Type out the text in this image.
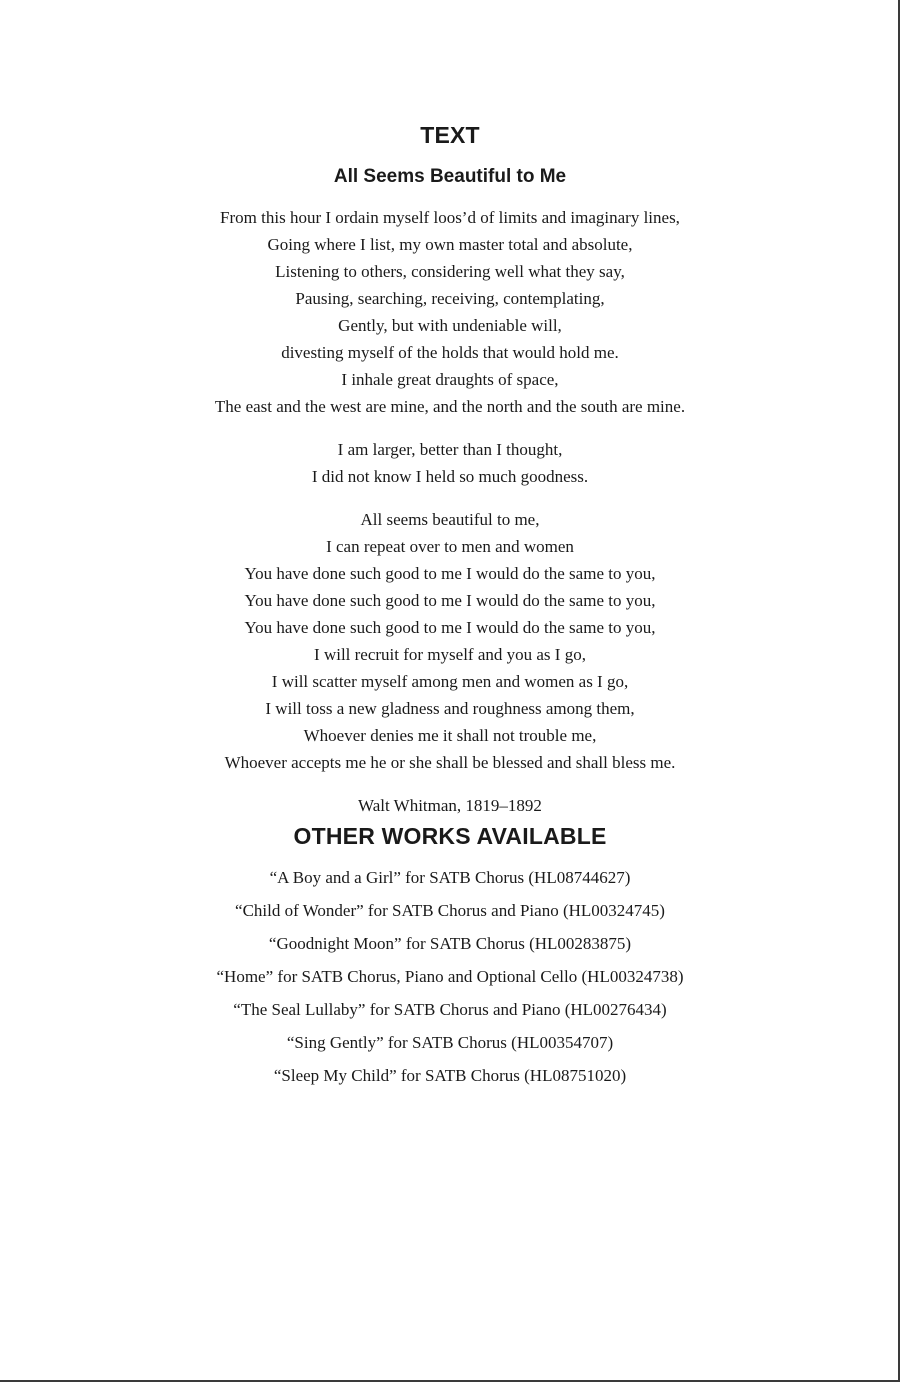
TEXT
All Seems Beautiful to Me

From this hour I ordain myself loos’d of limits and imaginary lines,
Going where I list, my own master total and absolute,
Listening to others, considering well what they say,
Pausing, searching, receiving, contemplating,
Gently, but with undeniable will,
divesting myself of the holds that would hold me.
I inhale great draughts of space,
The east and the west are mine, and the north and the south are mine.

I am larger, better than I thought,
I did not know I held so much goodness.

All seems beautiful to me,
I can repeat over to men and women
You have done such good to me I would do the same to you,
You have done such good to me I would do the same to you,
You have done such good to me I would do the same to you,
I will recruit for myself and you as I go,
I will scatter myself among men and women as I go,
I will toss a new gladness and roughness among them,
Whoever denies me it shall not trouble me,
Whoever accepts me he or she shall be blessed and shall bless me.

Walt Whitman, 1819–1892

OTHER WORKS AVAILABLE
“A Boy and a Girl” for SATB Chorus (HL08744627)
“Child of Wonder” for SATB Chorus and Piano (HL00324745)
“Goodnight Moon” for SATB Chorus (HL00283875)
“Home” for SATB Chorus, Piano and Optional Cello (HL00324738)
“The Seal Lullaby” for SATB Chorus and Piano (HL00276434)
“Sing Gently” for SATB Chorus (HL00354707)
“Sleep My Child” for SATB Chorus (HL08751020)
